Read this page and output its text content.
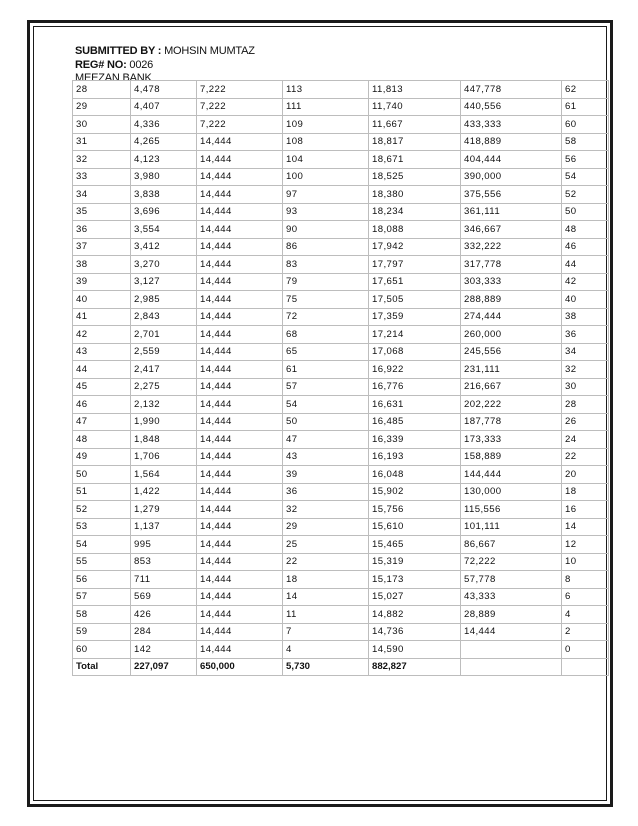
SUBMITTED BY : MOHSIN MUMTAZ
REG# NO: 0026
MEEZAN BANK
28	4,478	7,222	113	11,813	447,778	62
29	4,407	7,222	111	11,740	440,556	61
30	4,336	7,222	109	11,667	433,333	60
31	4,265	14,444	108	18,817	418,889	58
32	4,123	14,444	104	18,671	404,444	56
33	3,980	14,444	100	18,525	390,000	54
34	3,838	14,444	97	18,380	375,556	52
35	3,696	14,444	93	18,234	361,111	50
36	3,554	14,444	90	18,088	346,667	48
37	3,412	14,444	86	17,942	332,222	46
38	3,270	14,444	83	17,797	317,778	44
39	3,127	14,444	79	17,651	303,333	42
40	2,985	14,444	75	17,505	288,889	40
41	2,843	14,444	72	17,359	274,444	38
42	2,701	14,444	68	17,214	260,000	36
43	2,559	14,444	65	17,068	245,556	34
44	2,417	14,444	61	16,922	231,111	32
45	2,275	14,444	57	16,776	216,667	30
46	2,132	14,444	54	16,631	202,222	28
47	1,990	14,444	50	16,485	187,778	26
48	1,848	14,444	47	16,339	173,333	24
49	1,706	14,444	43	16,193	158,889	22
50	1,564	14,444	39	16,048	144,444	20
51	1,422	14,444	36	15,902	130,000	18
52	1,279	14,444	32	15,756	115,556	16
53	1,137	14,444	29	15,610	101,111	14
54	995	14,444	25	15,465	86,667	12
55	853	14,444	22	15,319	72,222	10
56	711	14,444	18	15,173	57,778	8
57	569	14,444	14	15,027	43,333	6
58	426	14,444	11	14,882	28,889	4
59	284	14,444	7	14,736	14,444	2
60	142	14,444	4	14,590		0
Total	227,097	650,000	5,730	882,827		
